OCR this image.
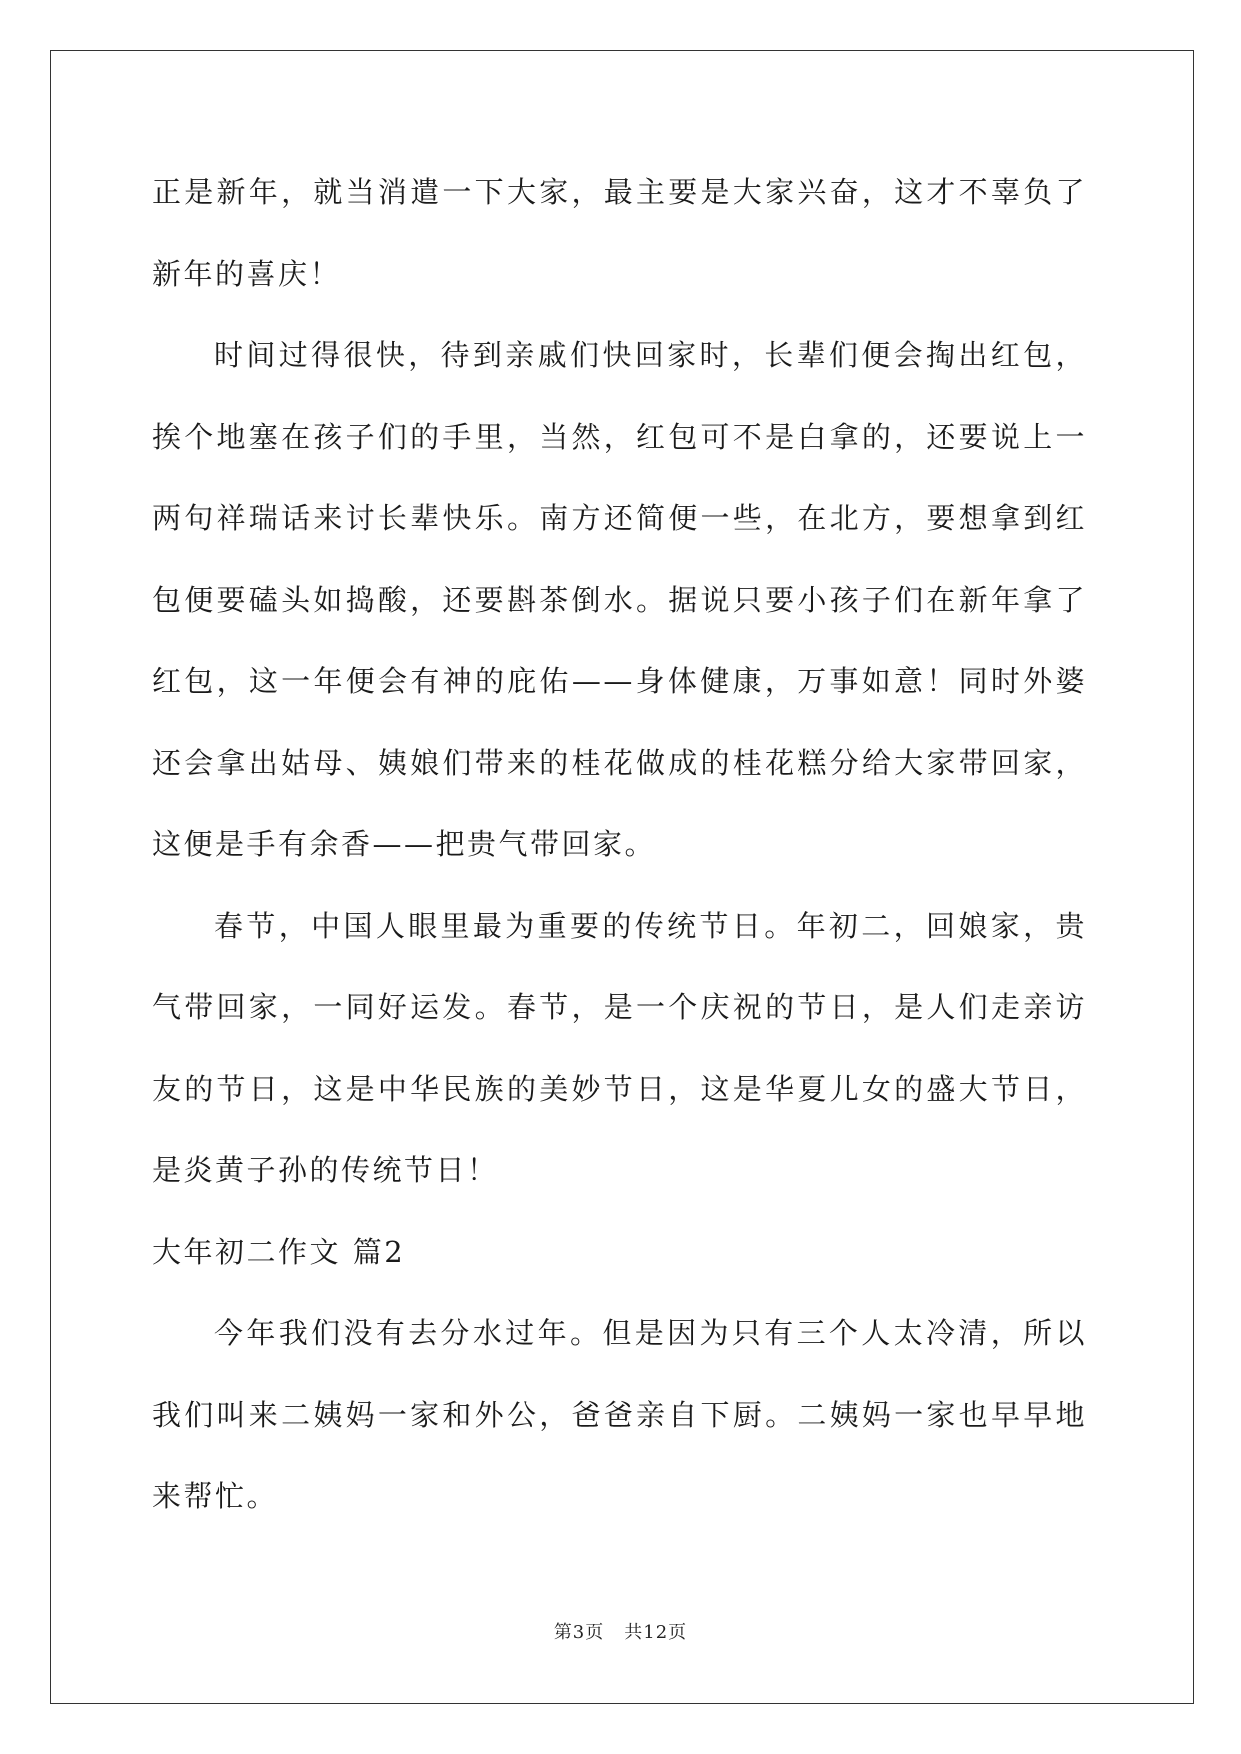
正是新年，就当消遣一下大家，最主要是大家兴奋，这才不辜负了新年的喜庆！

时间过得很快，待到亲戚们快回家时，长辈们便会掏出红包，挨个地塞在孩子们的手里，当然，红包可不是白拿的，还要说上一两句祥瑞话来讨长辈快乐。南方还简便一些，在北方，要想拿到红包便要磕头如捣酸，还要斟茶倒水。据说只要小孩子们在新年拿了红包，这一年便会有神的庇佑——身体健康，万事如意！同时外婆还会拿出姑母、姨娘们带来的桂花做成的桂花糕分给大家带回家，这便是手有余香——把贵气带回家。

春节，中国人眼里最为重要的传统节日。年初二，回娘家，贵气带回家，一同好运发。春节，是一个庆祝的节日，是人们走亲访友的节日，这是中华民族的美妙节日，这是华夏儿女的盛大节日，是炎黄子孙的传统节日！

大年初二作文 篇2

今年我们没有去分水过年。但是因为只有三个人太冷清，所以我们叫来二姨妈一家和外公，爸爸亲自下厨。二姨妈一家也早早地来帮忙。

第3页 共12页
